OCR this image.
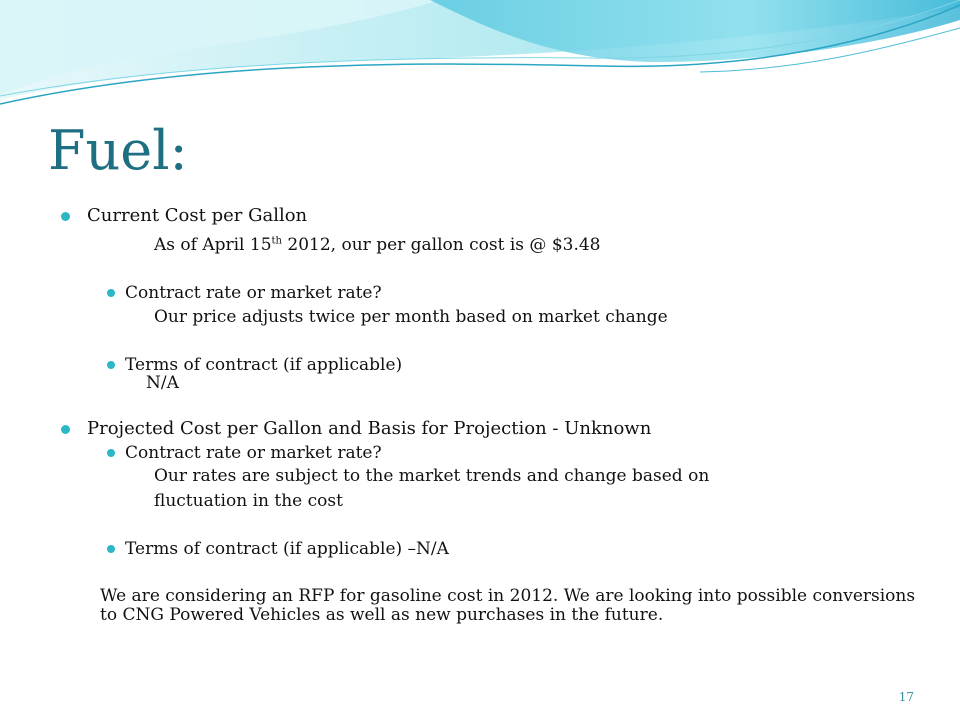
Fuel:
Current Cost per Gallon
As of April 15th 2012, our per gallon cost is @ $3.48
Contract rate or market rate?
Our price adjusts twice per month based on market change
Terms of contract (if applicable)
N/A
Projected Cost per Gallon and Basis for Projection - Unknown
Contract rate or market rate?
Our rates are subject to the market trends and change based on
fluctuation in the cost
Terms of contract (if applicable) –N/A
We are considering an RFP for gasoline cost in 2012. We are looking into possible conversions to CNG Powered Vehicles as well as new purchases in the future.
17
